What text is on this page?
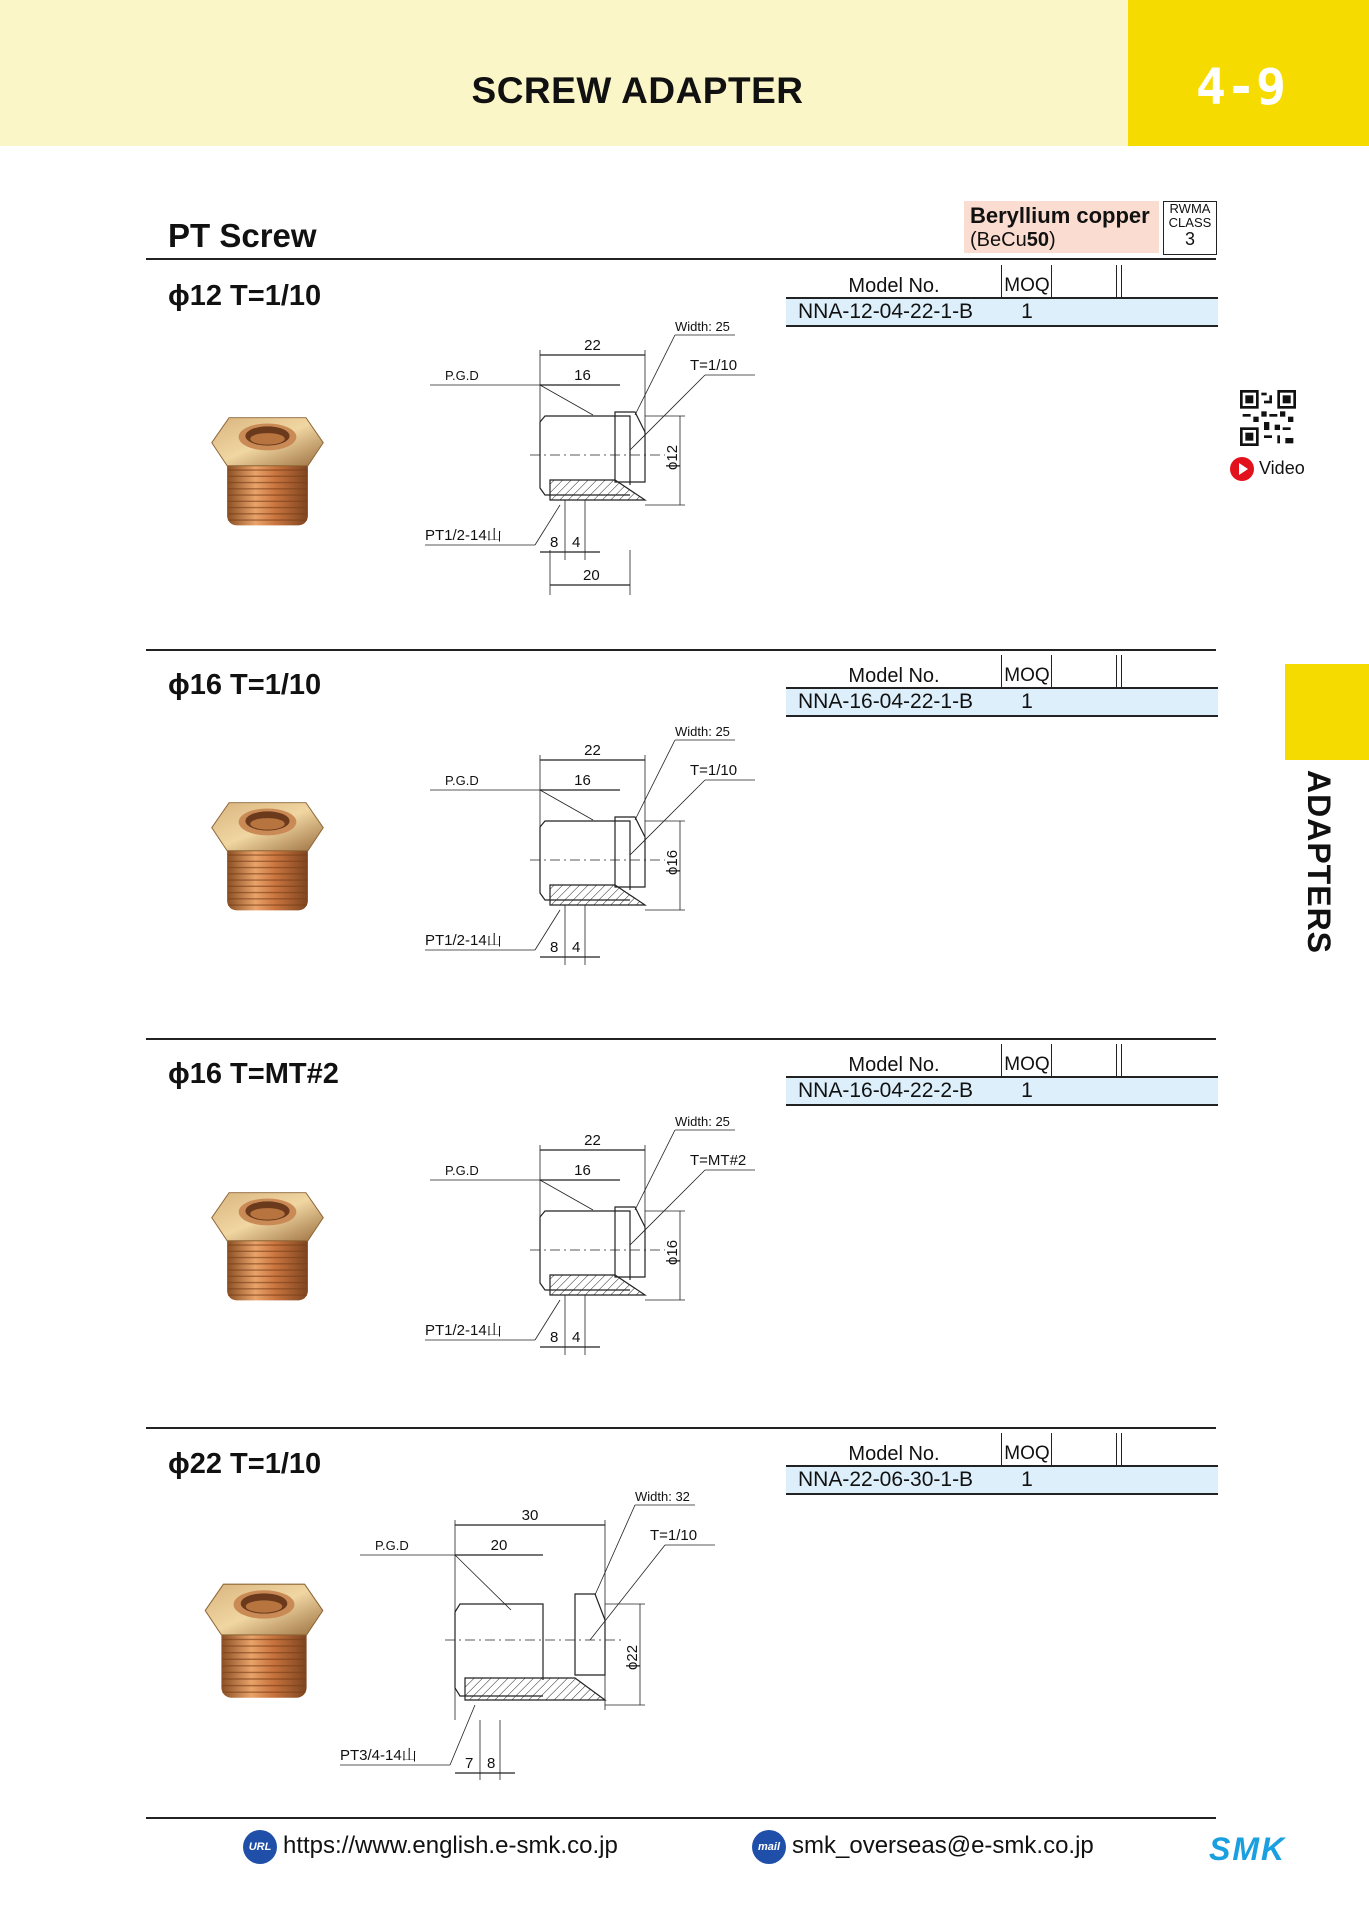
SCREW ADAPTER	4-9
PT Screw
Beryllium copper
(BeCu50)
RWMA
CLASS
3
ADAPTERS
Video
ϕ12 T=1/10	Model No.	MOQ
NNA-12-04-22-1-B	1
22
16
Width: 25
T=1/10
P.G.D
ϕ12
PT1/2-14山	8 4
20
ϕ16 T=1/10	Model No.	MOQ
NNA-16-04-22-1-B	1
22
16
Width: 25
T=1/10
P.G.D
ϕ16
PT1/2-14山	8 4
ϕ16 T=MT#2	Model No.	MOQ
NNA-16-04-22-2-B	1
22
16
Width: 25
T=MT#2
P.G.D
ϕ16
PT1/2-14山	8 4
ϕ22 T=1/10	Model No.	MOQ
NNA-22-06-30-1-B	1
30
20
Width: 32
T=1/10
P.G.D
ϕ22
PT3/4-14山	7 8
URL https://www.english.e-smk.co.jp	mail smk_overseas@e-smk.co.jp	SMK
